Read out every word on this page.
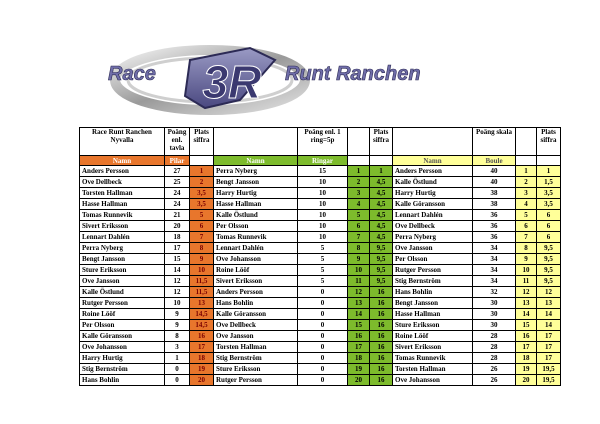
3R
Race	Runt Ranchen
Race Runt Ranchen
Nyvalla	Poäng enl. tavla	Plats siffra		Poäng enl. 1 ring=5p		Plats siffra		Poäng skala		Plats siffra
Namn	Pilar		Namn	Ringar			Namn	Boule		
Anders Persson	27	1	Perra Nyberg	15	1	1	Anders Persson	40	1	1
Ove Dellbeck	25	2	Bengt Jansson	10	2	4,5	Kalle Östlund	40	2	1,5
Torsten Hallman	24	3,5	Harry Hurtig	10	3	4,5	Harry Hurtig	38	3	3,5
Hasse Hallman	24	3,5	Hasse Hallman	10	4	4,5	Kalle Göransson	38	4	3,5
Tomas Runnevik	21	5	Kalle Östlund	10	5	4,5	Lennart Dahlén	36	5	6
Sivert Eriksson	20	6	Per Olsson	10	6	4,5	Ove Dellbeck	36	6	6
Lennart Dahlén	18	7	Tomas Runnevik	10	7	4,5	Perra Nyberg	36	7	6
Perra Nyberg	17	8	Lennart Dahlén	5	8	9,5	Ove Jansson	34	8	9,5
Bengt Jansson	15	9	Ove Johansson	5	9	9,5	Per Olsson	34	9	9,5
Sture Eriksson	14	10	Roine Lööf	5	10	9,5	Rutger Persson	34	10	9,5
Ove Jansson	12	11,5	Sivert Eriksson	5	11	9,5	Stig Bernström	34	11	9,5
Kalle Östlund	12	11,5	Anders Persson	0	12	16	Hans Bohlin	32	12	12
Rutger Persson	10	13	Hans Bohlin	0	13	16	Bengt Jansson	30	13	13
Roine Lööf	9	14,5	Kalle Göransson	0	14	16	Hasse Hallman	30	14	14
Per Olsson	9	14,5	Ove Dellbeck	0	15	16	Sture Eriksson	30	15	14
Kalle Göransson	8	16	Ove Jansson	0	16	16	Roine Lööf	28	16	17
Ove Johansson	3	17	Torsten Hallman	0	17	16	Sivert Eriksson	28	17	17
Harry Hurtig	1	18	Stig Bernström	0	18	16	Tomas Runnevik	28	18	17
Stig Bernström	0	19	Sture Eriksson	0	19	16	Torsten Hallman	26	19	19,5
Hans Bohlin	0	20	Rutger Persson	0	20	16	Ove Johansson	26	20	19,5
